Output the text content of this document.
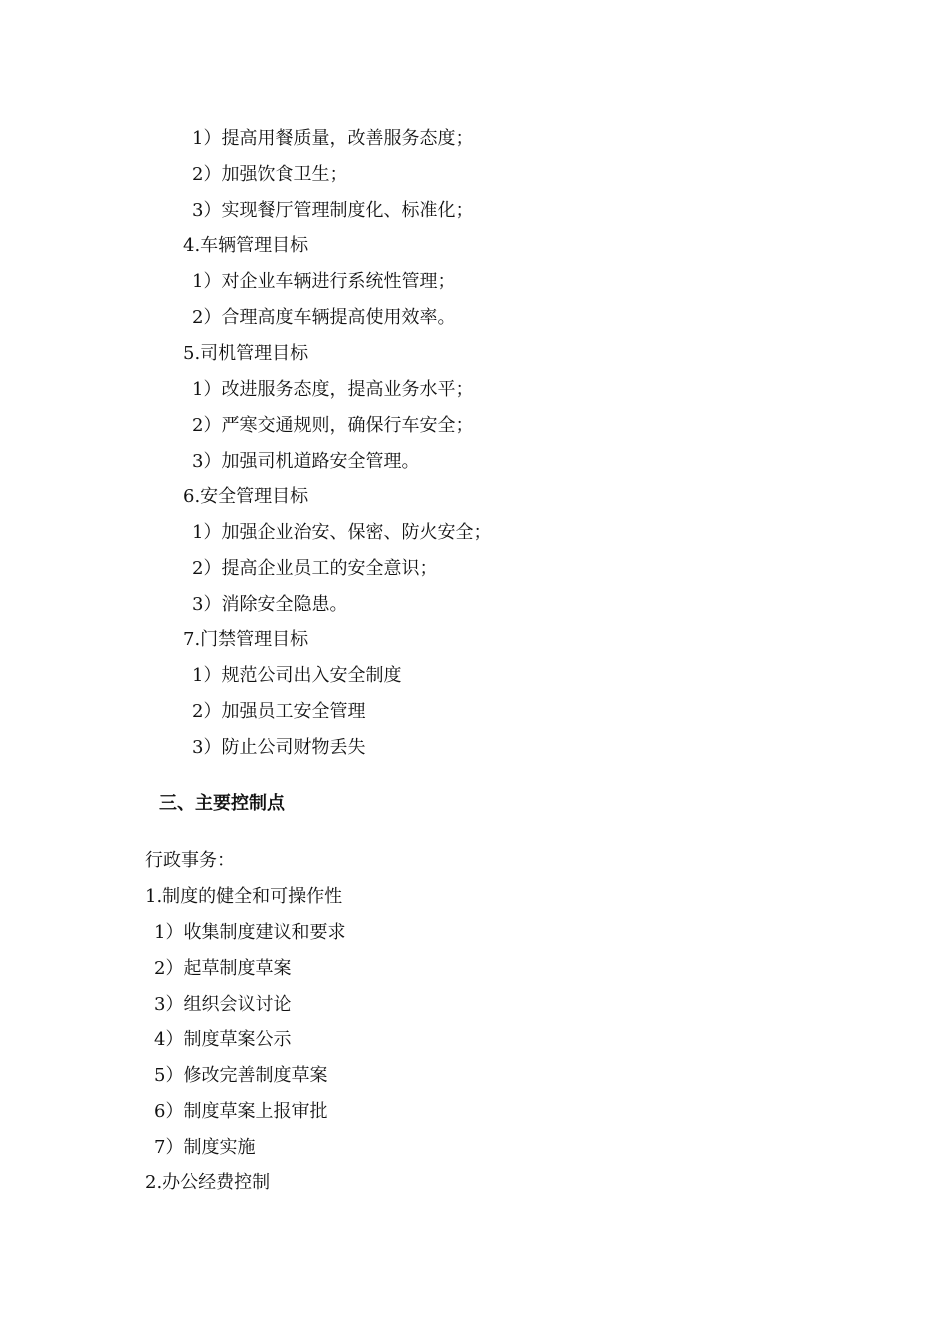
1）提高用餐质量，改善服务态度；
2）加强饮食卫生；
3）实现餐厅管理制度化、标准化；
4.车辆管理目标
1）对企业车辆进行系统性管理；
2）合理高度车辆提高使用效率。
5.司机管理目标
1）改进服务态度，提高业务水平；
2）严寒交通规则，确保行车安全；
3）加强司机道路安全管理。
6.安全管理目标
1）加强企业治安、保密、防火安全；
2）提高企业员工的安全意识；
3）消除安全隐患。
7.门禁管理目标
1）规范公司出入安全制度
2）加强员工安全管理
3）防止公司财物丢失
三、主要控制点
行政事务：
1.制度的健全和可操作性
1）收集制度建议和要求
2）起草制度草案
3）组织会议讨论
4）制度草案公示
5）修改完善制度草案
6）制度草案上报审批
7）制度实施
2.办公经费控制
